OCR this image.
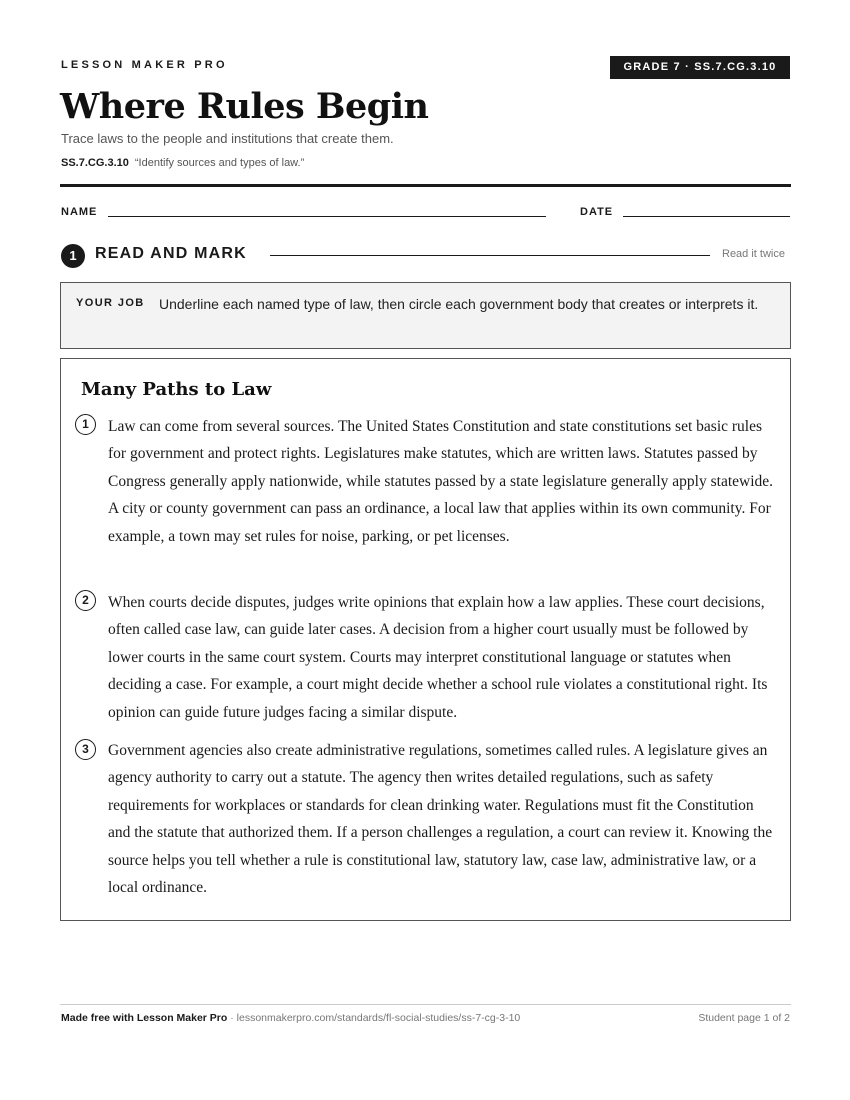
LESSON MAKER PRO	GRADE 7 · SS.7.CG.3.10
Where Rules Begin
Trace laws to the people and institutions that create them.
SS.7.CG.3.10 “Identify sources and types of law.”
NAME	DATE
1	READ AND MARK	Read it twice
YOUR JOB Underline each named type of law, then circle each government body that creates or interprets it.
Many Paths to Law
1	Law can come from several sources. The United States Constitution and state constitutions set basic rules for government and protect rights. Legislatures make statutes, which are written laws. Statutes passed by Congress generally apply nationwide, while statutes passed by a state legislature generally apply statewide. A city or county government can pass an ordinance, a local law that applies within its own community. For example, a town may set rules for noise, parking, or pet licenses.

2	When courts decide disputes, judges write opinions that explain how a law applies. These court decisions, often called case law, can guide later cases. A decision from a higher court usually must be followed by lower courts in the same court system. Courts may interpret constitutional language or statutes when deciding a case. For example, a court might decide whether a school rule violates a constitutional right. Its opinion can guide future judges facing a similar dispute.

3	Government agencies also create administrative regulations, sometimes called rules. A legislature gives an agency authority to carry out a statute. The agency then writes detailed regulations, such as safety requirements for workplaces or standards for clean drinking water. Regulations must fit the Constitution and the statute that authorized them. If a person challenges a regulation, a court can review it. Knowing the source helps you tell whether a rule is constitutional law, statutory law, case law, administrative law, or a local ordinance.

Made free with Lesson Maker Pro · lessonmakerpro.com/standards/fl-social-studies/ss-7-cg-3-10	Student page 1 of 2
